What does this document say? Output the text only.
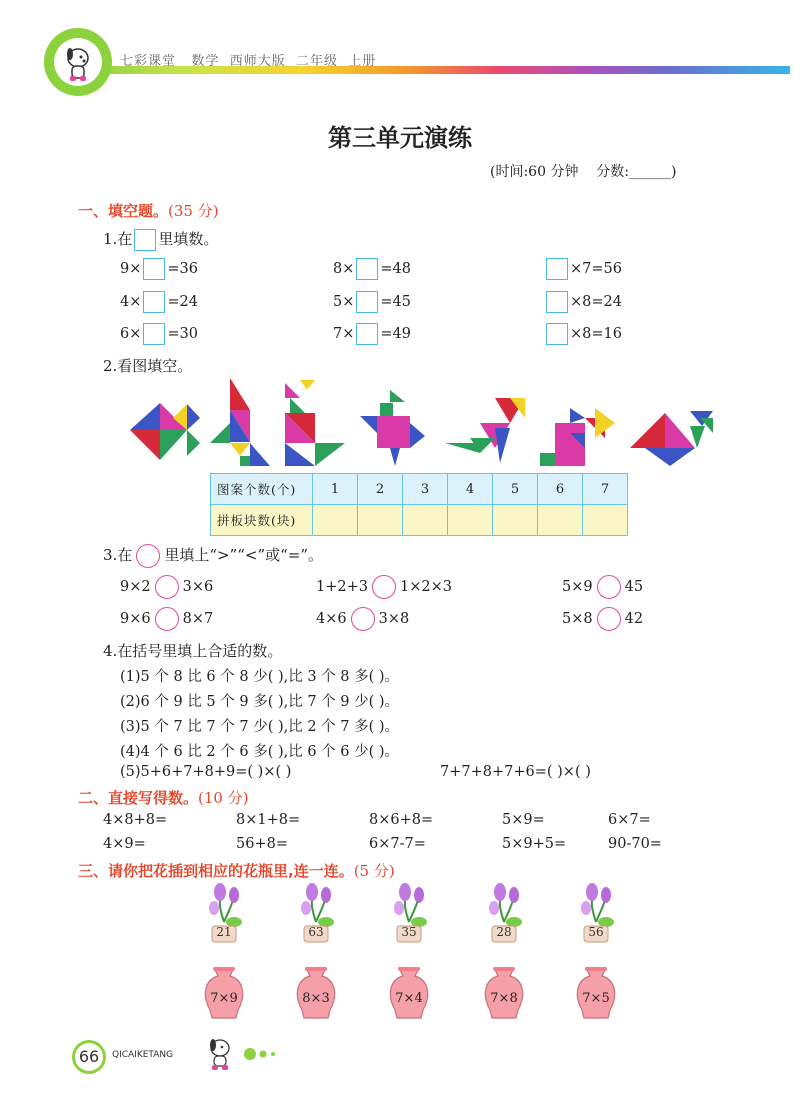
七彩课堂 数学 西师大版 二年级 上册
第三单元演练
(时间:60 分钟 分数:______)
一、填空题。(35 分)
1.在 里填数。
9× =36	8× =48	×7=56
4× =24	5× =45	×8=24
6× =30	7× =49	×8=16
2.看图填空。
图案个数(个)	1	2	3	4	5	6	7
拼板块数(块)							
3.在 里填上“>”“<”或“=”。
9×2 3×6	1+2+3 1×2×3	5×9 45
9×6 8×7	4×6 3×8	5×8 42
4.在括号里填上合适的数。
(1)5 个 8 比 6 个 8 少( ),比 3 个 8 多( )。
(2)6 个 9 比 5 个 9 多( ),比 7 个 9 少( )。
(3)5 个 7 比 7 个 7 少( ),比 2 个 7 多( )。
(4)4 个 6 比 2 个 6 多( ),比 6 个 6 少( )。
(5)5+6+7+8+9=( )×( )	7+7+8+7+6=( )×( )
二、直接写得数。(10 分)
4×8+8=	8×1+8=	8×6+8=	5×9=	6×7=
4×9=	56+8=	6×7-7=	5×9+5=	90-70=
三、请你把花插到相应的花瓶里,连一连。(5 分)
21	63	35	28	56
7×9	8×3	7×4	7×8	7×5
66	QICAIKETANG
